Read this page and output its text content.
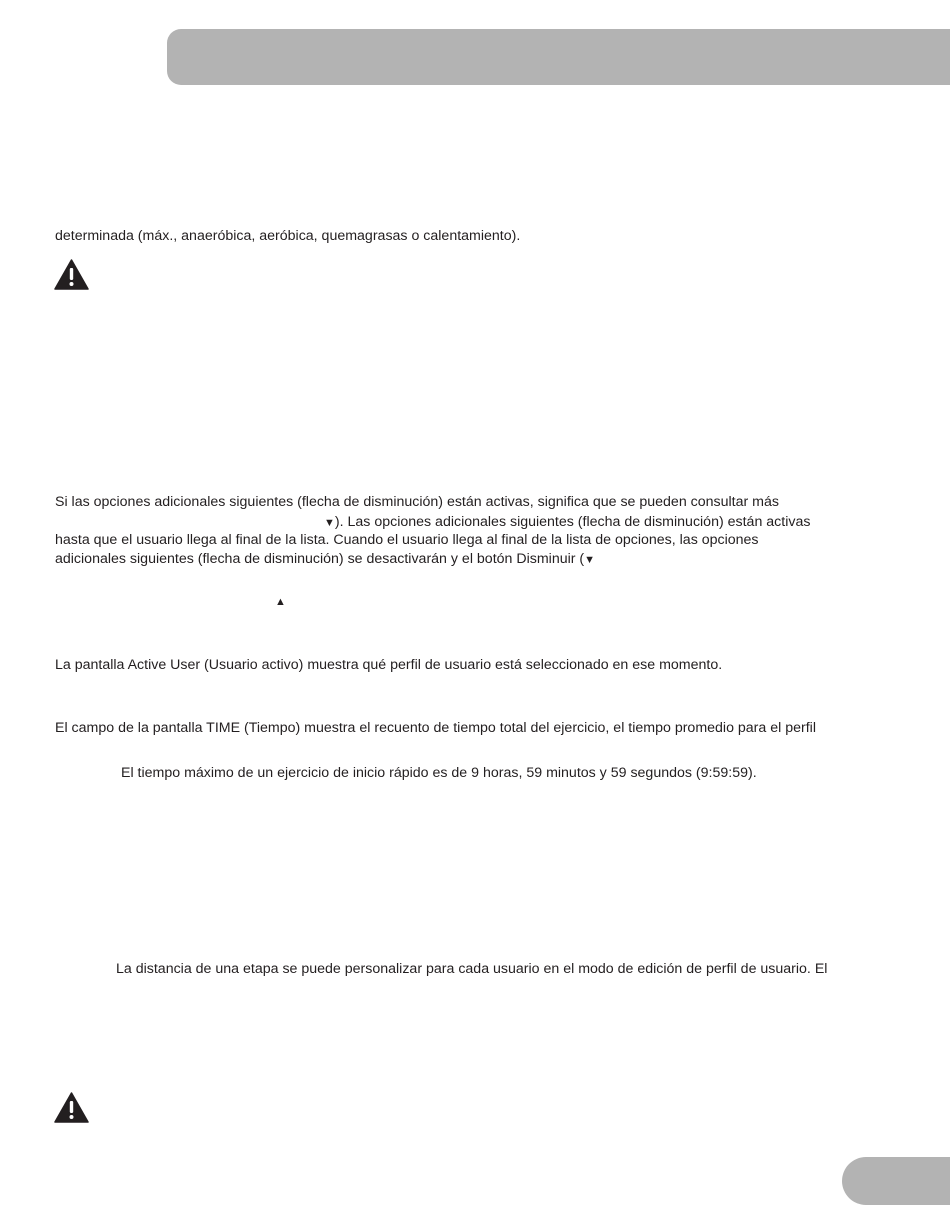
determinada (máx., anaeróbica, aeróbica, quemagrasas o calentamiento).

Si las opciones adicionales siguientes (flecha de disminución) están activas, significa que se pueden consultar más

▼). Las opciones adicionales siguientes (flecha de disminución) están activas

hasta que el usuario llega al final de la lista. Cuando el usuario llega al final de la lista de opciones, las opciones

adicionales siguientes (flecha de disminución) se desactivarán y el botón Disminuir (▼

▲

La pantalla Active User (Usuario activo) muestra qué perfil de usuario está seleccionado en ese momento.

El campo de la pantalla TIME (Tiempo) muestra el recuento de tiempo total del ejercicio, el tiempo promedio para el perfil

El tiempo máximo de un ejercicio de inicio rápido es de 9 horas, 59 minutos y 59 segundos (9:59:59).

La distancia de una etapa se puede personalizar para cada usuario en el modo de edición de perfil de usuario. El
